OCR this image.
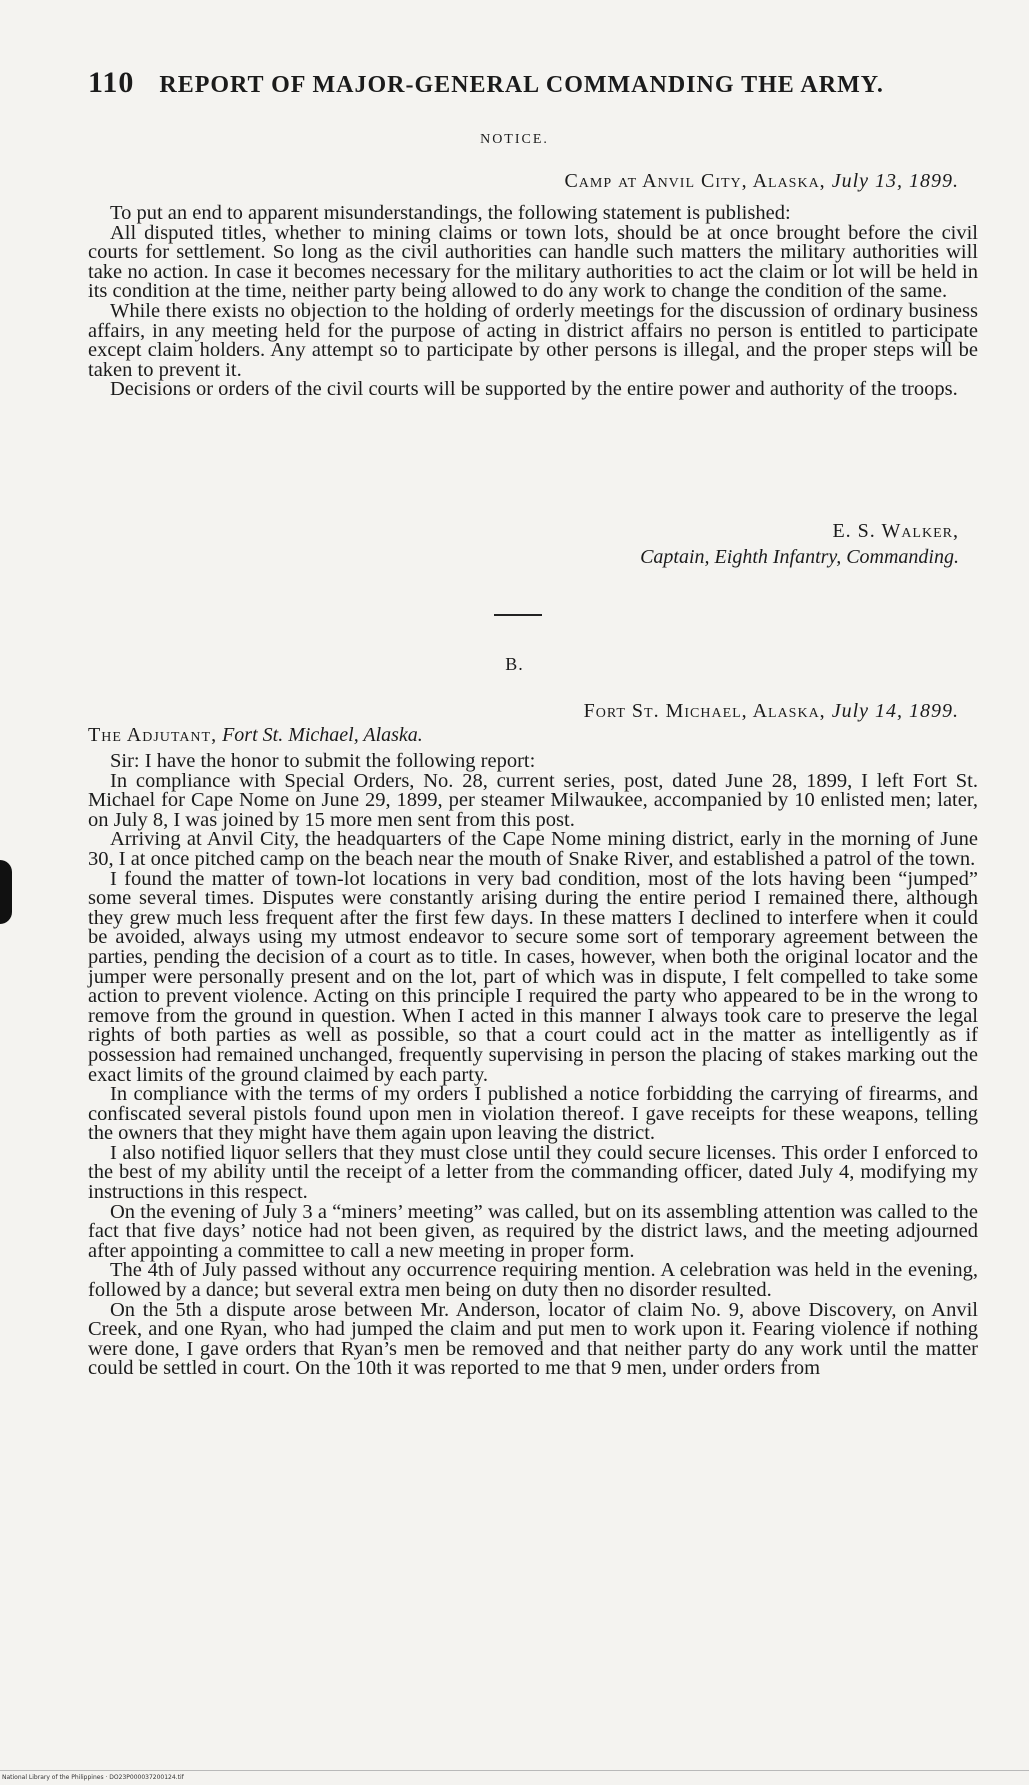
110 REPORT OF MAJOR-GENERAL COMMANDING THE ARMY.
NOTICE.
Camp at Anvil City, Alaska, July 13, 1899.

To put an end to apparent misunderstandings, the following statement is published:

All disputed titles, whether to mining claims or town lots, should be at once brought before the civil courts for settlement. So long as the civil authorities can handle such matters the military authorities will take no action. In case it becomes necessary for the military authorities to act the claim or lot will be held in its condition at the time, neither party being allowed to do any work to change the condition of the same.

While there exists no objection to the holding of orderly meetings for the discussion of ordinary business affairs, in any meeting held for the purpose of acting in district affairs no person is entitled to participate except claim holders. Any attempt so to participate by other persons is illegal, and the proper steps will be taken to prevent it.

Decisions or orders of the civil courts will be supported by the entire power and authority of the troops.

E. S. Walker,
Captain, Eighth Infantry, Commanding.
B.
Fort St. Michael, Alaska, July 14, 1899.
The Adjutant, Fort St. Michael, Alaska.

Sir: I have the honor to submit the following report:

In compliance with Special Orders, No. 28, current series, post, dated June 28, 1899, I left Fort St. Michael for Cape Nome on June 29, 1899, per steamer Milwaukee, accompanied by 10 enlisted men; later, on July 8, I was joined by 15 more men sent from this post.

Arriving at Anvil City, the headquarters of the Cape Nome mining district, early in the morning of June 30, I at once pitched camp on the beach near the mouth of Snake River, and established a patrol of the town.

I found the matter of town-lot locations in very bad condition, most of the lots having been “jumped” some several times. Disputes were constantly arising during the entire period I remained there, although they grew much less frequent after the first few days. In these matters I declined to interfere when it could be avoided, always using my utmost endeavor to secure some sort of temporary agreement between the parties, pending the decision of a court as to title. In cases, however, when both the original locator and the jumper were personally present and on the lot, part of which was in dispute, I felt compelled to take some action to prevent violence. Acting on this principle I required the party who appeared to be in the wrong to remove from the ground in question. When I acted in this manner I always took care to preserve the legal rights of both parties as well as possible, so that a court could act in the matter as intelligently as if possession had remained unchanged, frequently supervising in person the placing of stakes marking out the exact limits of the ground claimed by each party.

In compliance with the terms of my orders I published a notice forbidding the carrying of firearms, and confiscated several pistols found upon men in violation thereof. I gave receipts for these weapons, telling the owners that they might have them again upon leaving the district.

I also notified liquor sellers that they must close until they could secure licenses. This order I enforced to the best of my ability until the receipt of a letter from the commanding officer, dated July 4, modifying my instructions in this respect.

On the evening of July 3 a “miners’ meeting” was called, but on its assembling attention was called to the fact that five days’ notice had not been given, as required by the district laws, and the meeting adjourned after appointing a committee to call a new meeting in proper form.

The 4th of July passed without any occurrence requiring mention. A celebration was held in the evening, followed by a dance; but several extra men being on duty then no disorder resulted.

On the 5th a dispute arose between Mr. Anderson, locator of claim No. 9, above Discovery, on Anvil Creek, and one Ryan, who had jumped the claim and put men to work upon it. Fearing violence if nothing were done, I gave orders that Ryan’s men be removed and that neither party do any work until the matter could be settled in court. On the 10th it was reported to me that 9 men, under orders from

National Library of the Philippines · DO23P000037200124.tif
